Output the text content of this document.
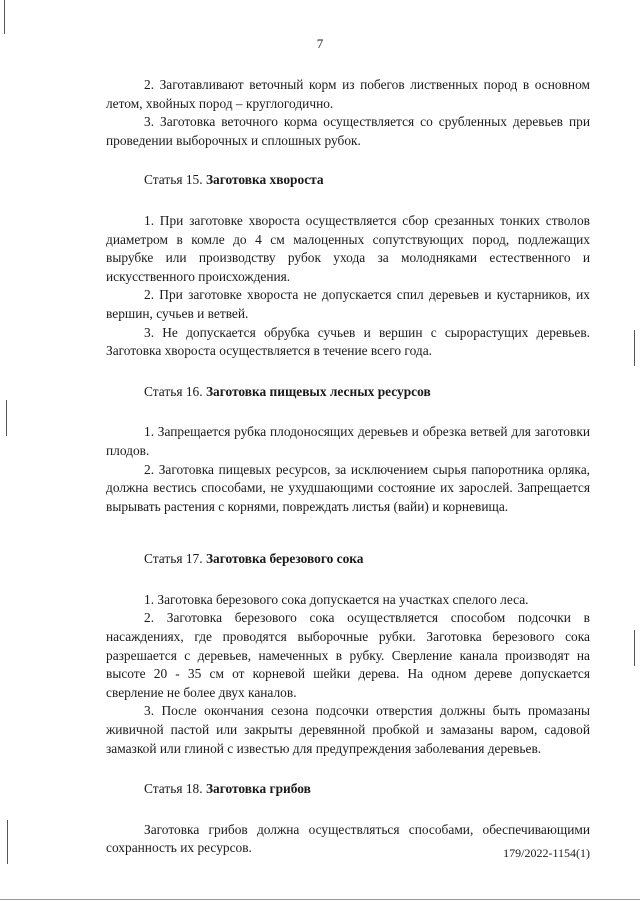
7

2. Заготавливают веточный корм из побегов лиственных пород в основном летом, хвойных пород – круглогодично.

3. Заготовка веточного корма осуществляется со срубленных деревьев при проведении выборочных и сплошных рубок.

Статья 15. Заготовка хвороста

1. При заготовке хвороста осуществляется сбор срезанных тонких стволов диаметром в комле до 4 см малоценных сопутствующих пород, подлежащих вырубке или производству рубок ухода за молодняками естественного и искусственного происхождения.

2. При заготовке хвороста не допускается спил деревьев и кустарников, их вершин, сучьев и ветвей.

3. Не допускается обрубка сучьев и вершин с сырорастущих деревьев. Заготовка хвороста осуществляется в течение всего года.

Статья 16. Заготовка пищевых лесных ресурсов

1. Запрещается рубка плодоносящих деревьев и обрезка ветвей для заготовки плодов.

2. Заготовка пищевых ресурсов, за исключением сырья папоротника орляка, должна вестись способами, не ухудшающими состояние их зарослей. Запрещается вырывать растения с корнями, повреждать листья (вайи) и корневища.

Статья 17. Заготовка березового сока

1. Заготовка березового сока допускается на участках спелого леса.

2. Заготовка березового сока осуществляется способом подсочки в насаждениях, где проводятся выборочные рубки. Заготовка березового сока разрешается с деревьев, намеченных в рубку. Сверление канала производят на высоте 20 - 35 см от корневой шейки дерева. На одном дереве допускается сверление не более двух каналов.

3. После окончания сезона подсочки отверстия должны быть промазаны живичной пастой или закрыты деревянной пробкой и замазаны варом, садовой замазкой или глиной с известью для предупреждения заболевания деревьев.

Статья 18. Заготовка грибов

Заготовка грибов должна осуществляться способами, обеспечивающими сохранность их ресурсов.	179/2022-1154(1)
